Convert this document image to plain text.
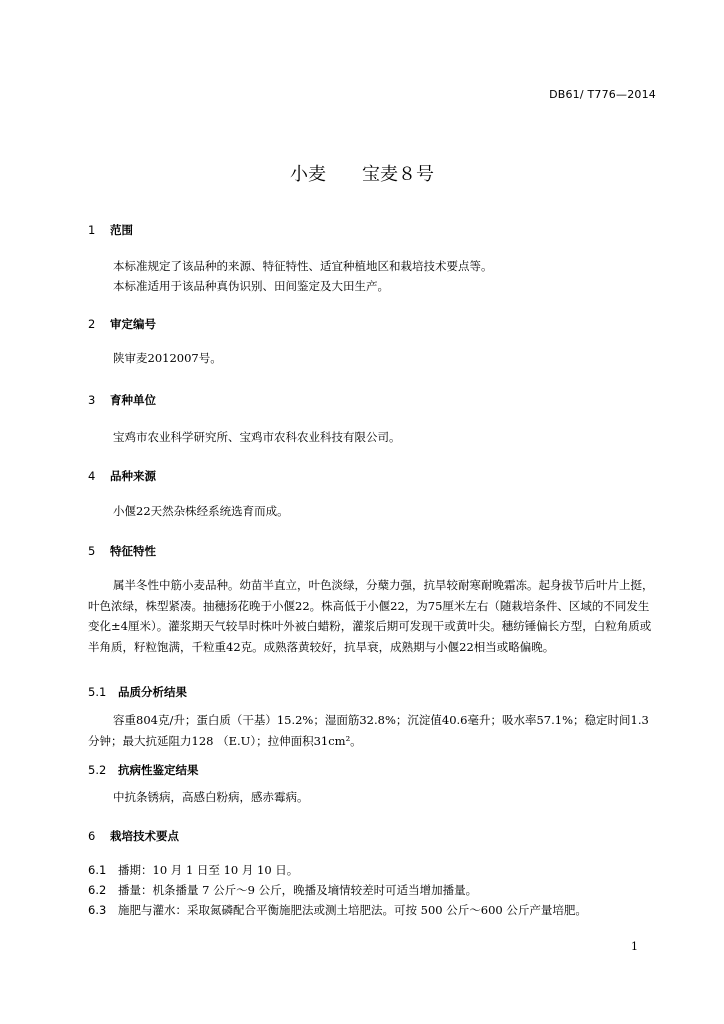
DB61/ T776—2014
小麦 宝麦８号
1 范围
本标准规定了该品种的来源、特征特性、适宜种植地区和栽培技术要点等。
本标准适用于该品种真伪识别、田间鉴定及大田生产。
2 审定编号
陕审麦2012007号。
3 育种单位
宝鸡市农业科学研究所、宝鸡市农科农业科技有限公司。
4 品种来源
小偃22天然杂株经系统选育而成。
5 特征特性
属半冬性中筋小麦品种。幼苗半直立，叶色淡绿，分蘖力强，抗旱较耐寒耐晚霜冻。起身拔节后叶片上挺，叶色浓绿，株型紧凑。抽穗扬花晚于小偃22。株高低于小偃22，为75厘米左右（随栽培条件、区域的不同发生变化±4厘米）。灌浆期天气较旱时株叶外被白蜡粉，灌浆后期可发现干或黄叶尖。穗纺锤偏长方型，白粒角质或半角质，籽粒饱满，千粒重42克。成熟落黄较好，抗旱衰，成熟期与小偃22相当或略偏晚。
5.1 品质分析结果
容重804克/升；蛋白质（干基）15.2%；湿面筋32.8%；沉淀值40.6毫升；吸水率57.1%；稳定时间1.3分钟；最大抗延阻力128 （E.U）；拉伸面积31cm²。
5.2 抗病性鉴定结果
中抗条锈病，高感白粉病，感赤霉病。
6 栽培技术要点
6.1 播期：10 月 1 日至 10 月 10 日。
6.2 播量：机条播量 7 公斤～9 公斤，晚播及墒情较差时可适当增加播量。
6.3 施肥与灌水：采取氮磷配合平衡施肥法或测土培肥法。可按 500 公斤～600 公斤产量培肥。
1
